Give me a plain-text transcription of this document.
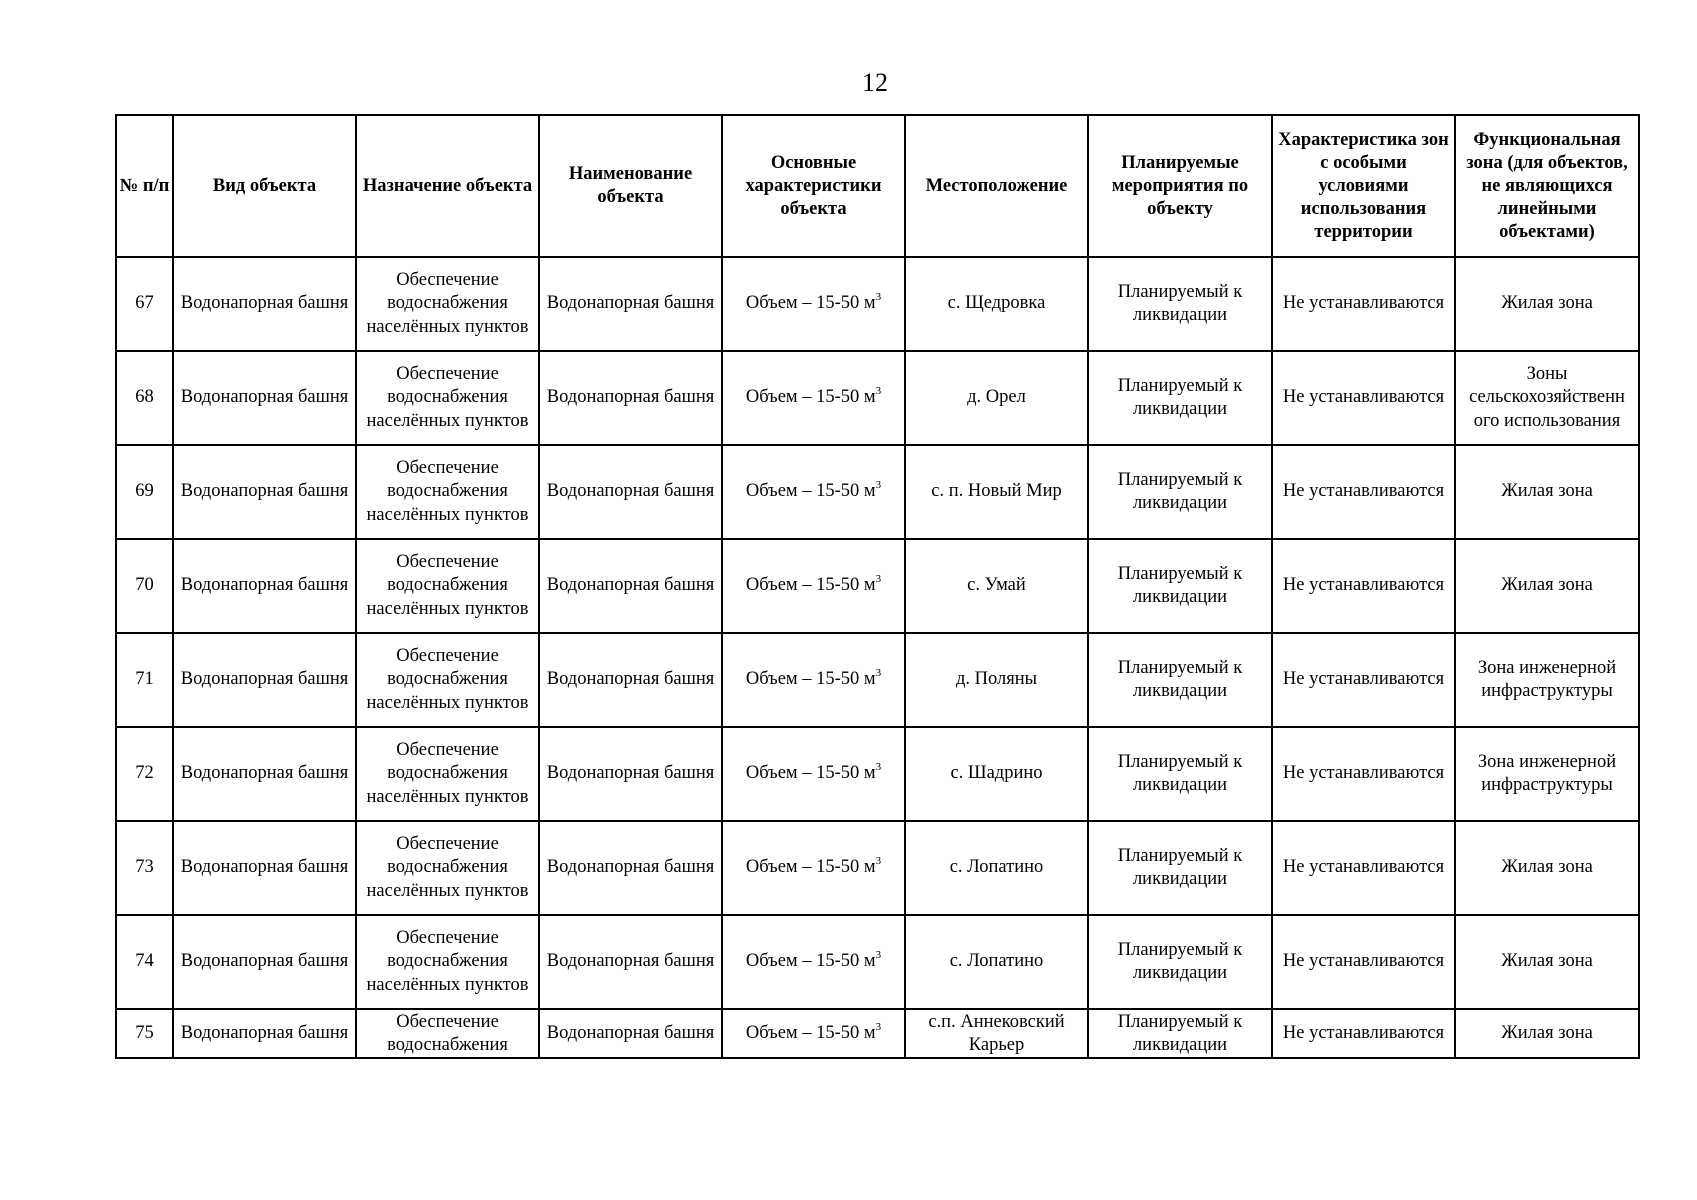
12
№ п/п	Вид объекта	Назначение объекта	Наименование объекта	Основные характеристики объекта	Местоположение	Планируемые мероприятия по объекту	Характеристика зон с особыми условиями использования территории	Функциональная зона (для объектов, не являющихся линейными объектами)

67	Водонапорная башня	Обеспечение водоснабжения населённых пунктов	Водонапорная башня	Объем – 15-50 $м^3$	с. Щедровка	Планируемый к ликвидации	Не устанавливаются	Жилая зона

68	Водонапорная башня	Обеспечение водоснабжения населённых пунктов	Водонапорная башня	Объем – 15-50 $м^3$	д. Орел	Планируемый к ликвидации	Не устанавливаются	Зоны сельскохозяйственн ого использования

69	Водонапорная башня	Обеспечение водоснабжения населённых пунктов	Водонапорная башня	Объем – 15-50 $м^3$	с. п. Новый Мир	Планируемый к ликвидации	Не устанавливаются	Жилая зона

70	Водонапорная башня	Обеспечение водоснабжения населённых пунктов	Водонапорная башня	Объем – 15-50 $м^3$	с. Умай	Планируемый к ликвидации	Не устанавливаются	Жилая зона

71	Водонапорная башня	Обеспечение водоснабжения населённых пунктов	Водонапорная башня	Объем – 15-50 $м^3$	д. Поляны	Планируемый к ликвидации	Не устанавливаются	Зона инженерной инфраструктуры

72	Водонапорная башня	Обеспечение водоснабжения населённых пунктов	Водонапорная башня	Объем – 15-50 $м^3$	с. Шадрино	Планируемый к ликвидации	Не устанавливаются	Зона инженерной инфраструктуры

73	Водонапорная башня	Обеспечение водоснабжения населённых пунктов	Водонапорная башня	Объем – 15-50 $м^3$	с. Лопатино	Планируемый к ликвидации	Не устанавливаются	Жилая зона

74	Водонапорная башня	Обеспечение водоснабжения населённых пунктов	Водонапорная башня	Объем – 15-50 $м^3$	с. Лопатино	Планируемый к ликвидации	Не устанавливаются	Жилая зона

75	Водонапорная башня	Обеспечение водоснабжения	Водонапорная башня	Объем – 15-50 $м^3$	с.п. Аннековский Карьер	Планируемый к ликвидации	Не устанавливаются	Жилая зона
